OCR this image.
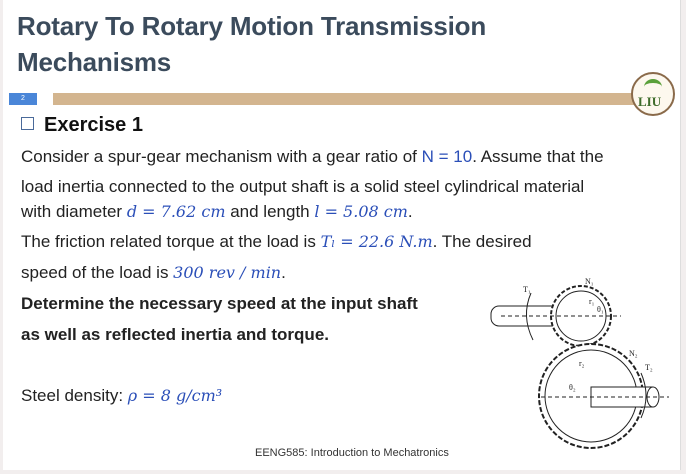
Rotary To Rotary Motion Transmission
Mechanisms
2	LIU
Exercise 1
Consider a spur-gear mechanism with a gear ratio of N = 10. Assume that the
load inertia connected to the output shaft is a solid steel cylindrical material
with diameter d = 7.62 cm and length l = 5.08 cm.
The friction related torque at the load is Tₗ = 22.6 N.m. The desired
speed of the load is 300 rev / min.
Determine the necessary speed at the input shaft
as well as reflected inertia and torque.
Steel density: ρ = 8 g/cm³
T₁
N₁
r₁
θ₁
N₂
r₂
θ₂
T₂
EENG585: Introduction to Mechatronics
